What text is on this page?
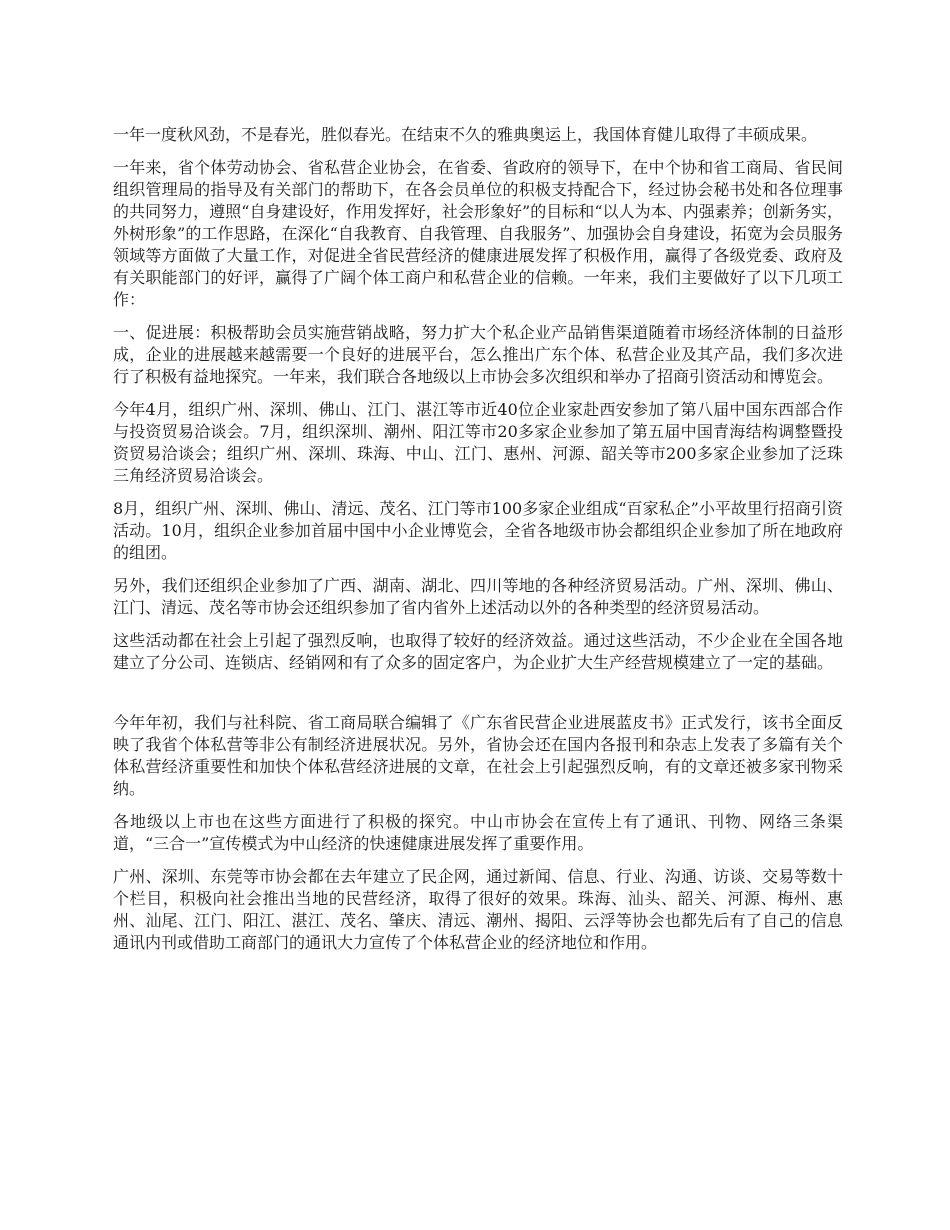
一年一度秋风劲，不是春光，胜似春光。在结束不久的雅典奥运上，我国体育健儿取得了丰硕成果。

一年来，省个体劳动协会、省私营企业协会，在省委、省政府的领导下，在中个协和省工商局、省民间组织管理局的指导及有关部门的帮助下，在各会员单位的积极支持配合下，经过协会秘书处和各位理事的共同努力，遵照“自身建设好，作用发挥好，社会形象好”的目标和“以人为本、内强素养；创新务实，外树形象”的工作思路，在深化“自我教育、自我管理、自我服务”、加强协会自身建设，拓宽为会员服务领域等方面做了大量工作，对促进全省民营经济的健康进展发挥了积极作用，赢得了各级党委、政府及有关职能部门的好评，赢得了广阔个体工商户和私营企业的信赖。一年来，我们主要做好了以下几项工作：

一、促进展：积极帮助会员实施营销战略，努力扩大个私企业产品销售渠道随着市场经济体制的日益形成，企业的进展越来越需要一个良好的进展平台，怎么推出广东个体、私营企业及其产品，我们多次进行了积极有益地探究。一年来，我们联合各地级以上市协会多次组织和举办了招商引资活动和博览会。

今年4月，组织广州、深圳、佛山、江门、湛江等市近40位企业家赴西安参加了第八届中国东西部合作与投资贸易洽谈会。7月，组织深圳、潮州、阳江等市20多家企业参加了第五届中国青海结构调整暨投资贸易洽谈会；组织广州、深圳、珠海、中山、江门、惠州、河源、韶关等市200多家企业参加了泛珠三角经济贸易洽谈会。

8月，组织广州、深圳、佛山、清远、茂名、江门等市100多家企业组成“百家私企”小平故里行招商引资活动。10月，组织企业参加首届中国中小企业博览会，全省各地级市协会都组织企业参加了所在地政府的组团。

另外，我们还组织企业参加了广西、湖南、湖北、四川等地的各种经济贸易活动。广州、深圳、佛山、江门、清远、茂名等市协会还组织参加了省内省外上述活动以外的各种类型的经济贸易活动。

这些活动都在社会上引起了强烈反响，也取得了较好的经济效益。通过这些活动，不少企业在全国各地建立了分公司、连锁店、经销网和有了众多的固定客户，为企业扩大生产经营规模建立了一定的基础。

今年年初，我们与社科院、省工商局联合编辑了《广东省民营企业进展蓝皮书》正式发行，该书全面反映了我省个体私营等非公有制经济进展状况。另外，省协会还在国内各报刊和杂志上发表了多篇有关个体私营经济重要性和加快个体私营经济进展的文章，在社会上引起强烈反响，有的文章还被多家刊物采纳。

各地级以上市也在这些方面进行了积极的探究。中山市协会在宣传上有了通讯、刊物、网络三条渠道，“三合一”宣传模式为中山经济的快速健康进展发挥了重要作用。

广州、深圳、东莞等市协会都在去年建立了民企网，通过新闻、信息、行业、沟通、访谈、交易等数十个栏目，积极向社会推出当地的民营经济，取得了很好的效果。珠海、汕头、韶关、河源、梅州、惠州、汕尾、江门、阳江、湛江、茂名、肇庆、清远、潮州、揭阳、云浮等协会也都先后有了自己的信息通讯内刊或借助工商部门的通讯大力宣传了个体私营企业的经济地位和作用。
